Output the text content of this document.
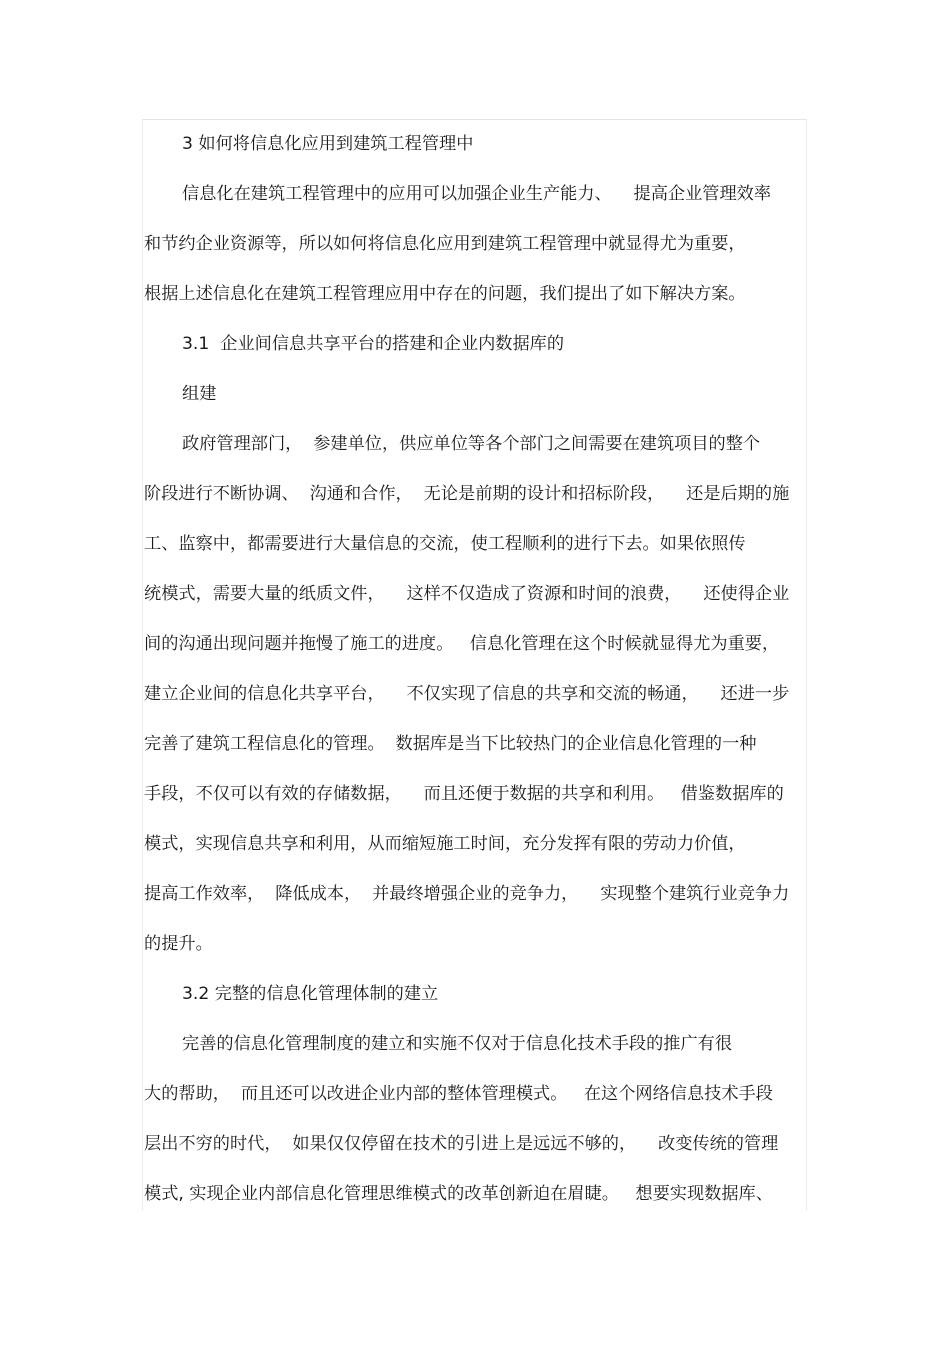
3 如何将信息化应用到建筑工程管理中
信息化在建筑工程管理中的应用可以加强企业生产能力、    提高企业管理效率
和节约企业资源等，所以如何将信息化应用到建筑工程管理中就显得尤为重要，
根据上述信息化在建筑工程管理应用中存在的问题，我们提出了如下解决方案。
3.1  企业间信息共享平台的搭建和企业内数据库的
组建
政府管理部门，  参建单位，供应单位等各个部门之间需要在建筑项目的整个
阶段进行不断协调、  沟通和合作，  无论是前期的设计和招标阶段，    还是后期的施
工、监察中，都需要进行大量信息的交流，使工程顺利的进行下去。如果依照传
统模式，需要大量的纸质文件，    这样不仅造成了资源和时间的浪费，    还使得企业
间的沟通出现问题并拖慢了施工的进度。   信息化管理在这个时候就显得尤为重要，
建立企业间的信息化共享平台，    不仅实现了信息的共享和交流的畅通，    还进一步
完善了建筑工程信息化的管理。  数据库是当下比较热门的企业信息化管理的一种
手段，不仅可以有效的存储数据，    而且还便于数据的共享和利用。   借鉴数据库的
模式，实现信息共享和利用，从而缩短施工时间，充分发挥有限的劳动力价值，
提高工作效率，  降低成本，  并最终增强企业的竞争力，    实现整个建筑行业竞争力
的提升。
3.2 完整的信息化管理体制的建立
完善的信息化管理制度的建立和实施不仅对于信息化技术手段的推广有很
大的帮助，  而且还可以改进企业内部的整体管理模式。   在这个网络信息技术手段
层出不穷的时代，  如果仅仅停留在技术的引进上是远远不够的，    改变传统的管理
模式, 实现企业内部信息化管理思维模式的改革创新迫在眉睫。   想要实现数据库、
